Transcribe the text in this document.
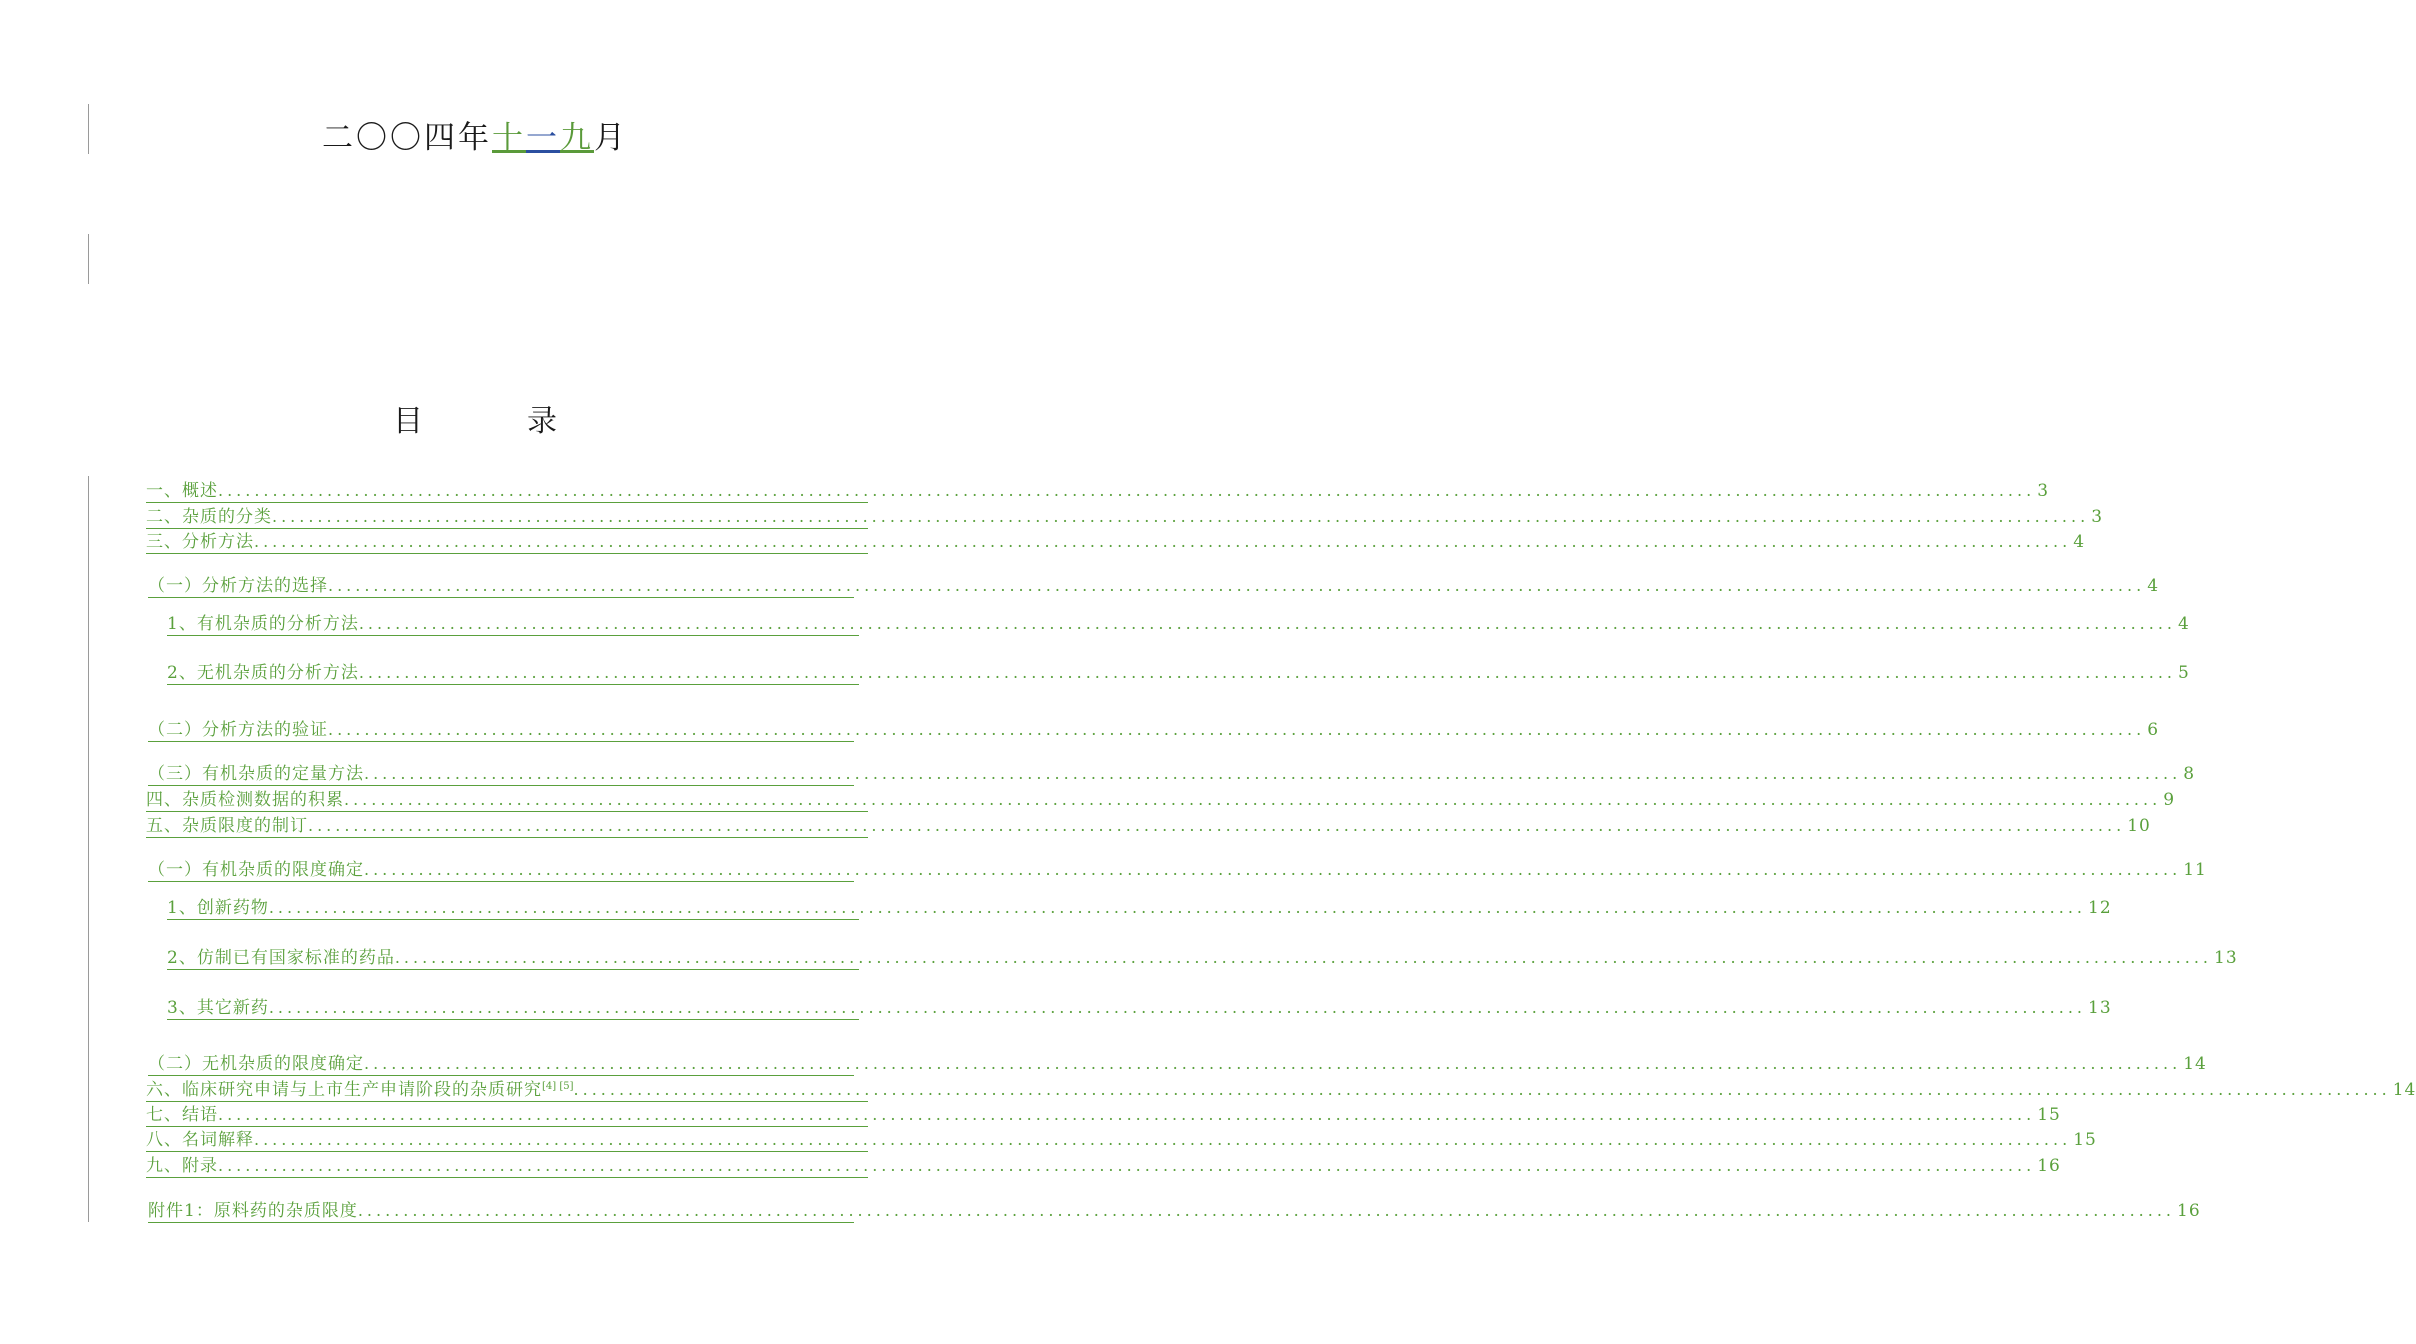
二〇〇四年十一九月
目	录
一、概述 ........................................................................................................................................................................................................ 3
二、杂质的分类 ........................................................................................................................................................................................................ 3
三、分析方法 ........................................................................................................................................................................................................ 4
（一）分析方法的选择 ........................................................................................................................................................................................................ 4
1、有机杂质的分析方法 ........................................................................................................................................................................................................ 4
2、无机杂质的分析方法 ........................................................................................................................................................................................................ 5
（二）分析方法的验证 ........................................................................................................................................................................................................ 6
（三）有机杂质的定量方法 ........................................................................................................................................................................................................ 8
四、杂质检测数据的积累 ........................................................................................................................................................................................................ 9
五、杂质限度的制订 ........................................................................................................................................................................................................ 10
（一）有机杂质的限度确定 ........................................................................................................................................................................................................ 11
1、创新药物 ........................................................................................................................................................................................................ 12
2、仿制已有国家标准的药品 ........................................................................................................................................................................................................ 13
3、其它新药 ........................................................................................................................................................................................................ 13
（二）无机杂质的限度确定 ........................................................................................................................................................................................................ 14
六、临床研究申请与上市生产申请阶段的杂质研究[4] [5] ........................................................................................................................................................................................................ 14
七、结语 ........................................................................................................................................................................................................ 15
八、名词解释 ........................................................................................................................................................................................................ 15
九、附录 ........................................................................................................................................................................................................ 16
附件1：原料药的杂质限度 ........................................................................................................................................................................................................ 16
